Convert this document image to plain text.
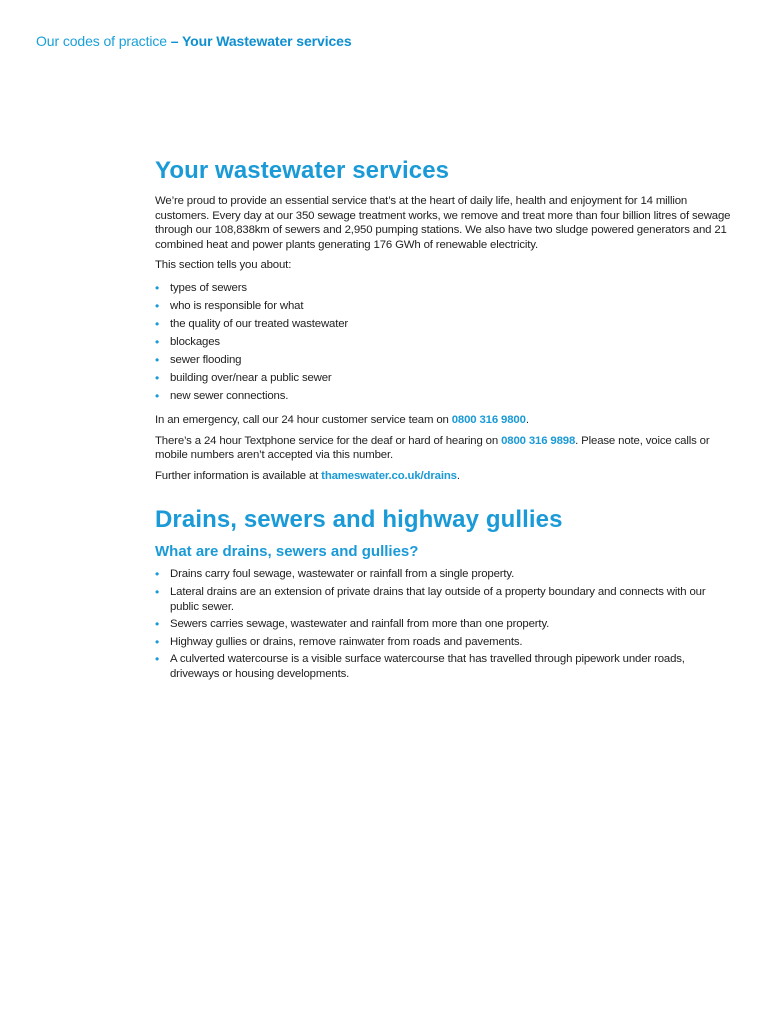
Our codes of practice – Your Wastewater services
Your wastewater services

We’re proud to provide an essential service that’s at the heart of daily life, health and enjoyment for 14 million customers. Every day at our 350 sewage treatment works, we remove and treat more than four billion litres of sewage through our 108,838km of sewers and 2,950 pumping stations. We also have two sludge powered generators and 21 combined heat and power plants generating 176 GWh of renewable electricity.

This section tells you about:

• types of sewers
• who is responsible for what
• the quality of our treated wastewater
• blockages
• sewer flooding
• building over/near a public sewer
• new sewer connections.

In an emergency, call our 24 hour customer service team on 0800 316 9800.

There’s a 24 hour Textphone service for the deaf or hard of hearing on 0800 316 9898. Please note, voice calls or mobile numbers aren’t accepted via this number.

Further information is available at thameswater.co.uk/drains.

Drains, sewers and highway gullies
What are drains, sewers and gullies?
• Drains carry foul sewage, wastewater or rainfall from a single property.
• Lateral drains are an extension of private drains that lay outside of a property boundary and connects with our public sewer.
• Sewers carries sewage, wastewater and rainfall from more than one property.
• Highway gullies or drains, remove rainwater from roads and pavements.
• A culverted watercourse is a visible surface watercourse that has travelled through pipework under roads, driveways or housing developments.
